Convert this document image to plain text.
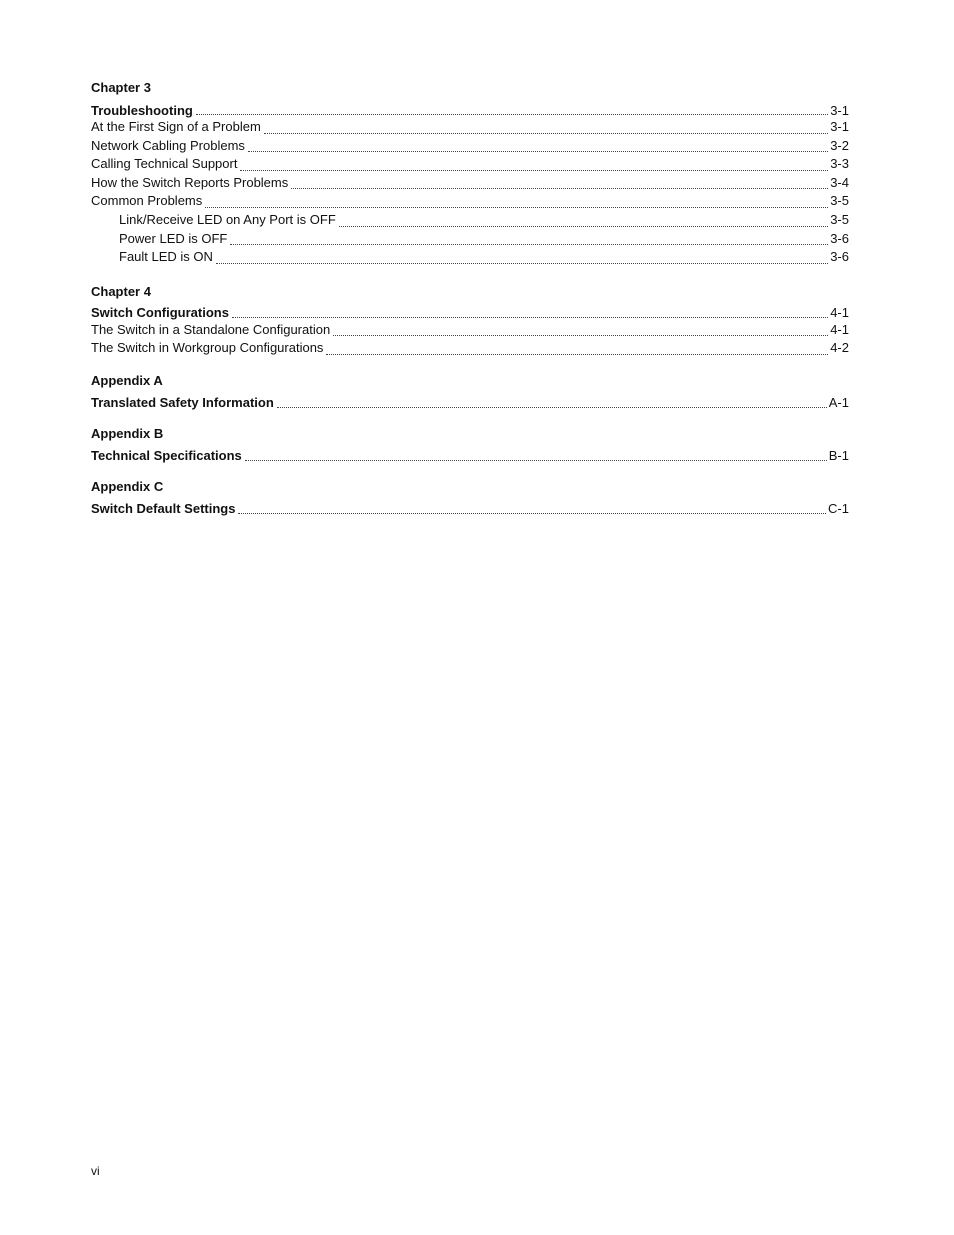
Chapter 3
Troubleshooting	3-1
At the First Sign of a Problem	3-1
Network Cabling Problems	3-2
Calling Technical Support	3-3
How the Switch Reports Problems	3-4
Common Problems	3-5
Link/Receive LED on Any Port is OFF	3-5
Power LED is OFF	3-6
Fault LED is ON	3-6
Chapter 4
Switch Configurations	4-1
The Switch in a Standalone Configuration	4-1
The Switch in Workgroup Configurations	4-2
Appendix A
Translated Safety Information	A-1
Appendix B
Technical Specifications	B-1
Appendix C
Switch Default Settings	C-1
vi
